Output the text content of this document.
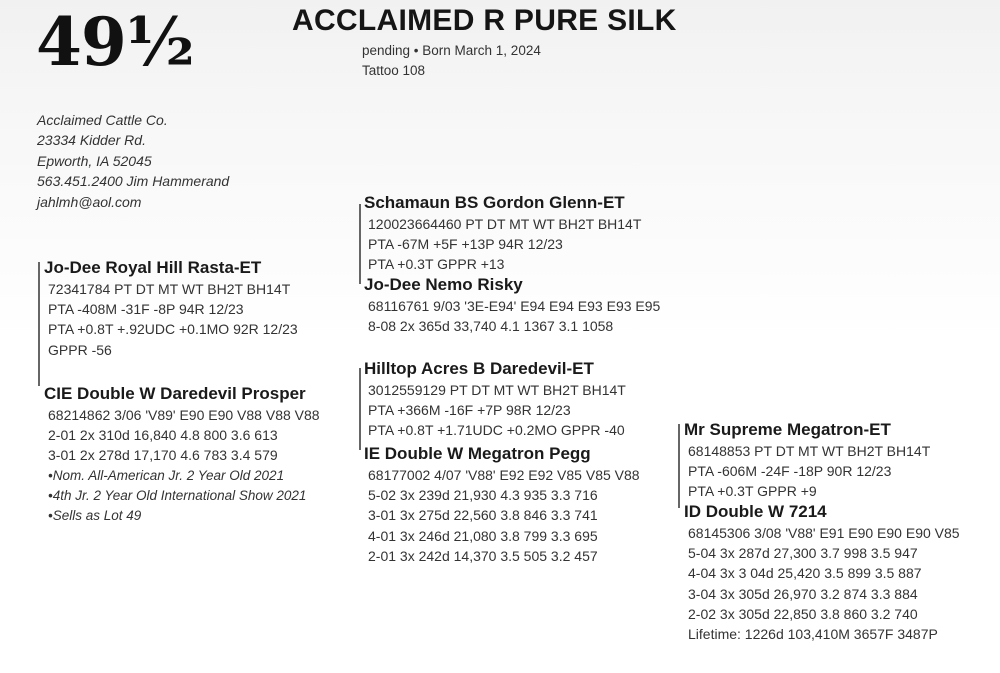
49½	ACCLAIMED R PURE SILK
pending • Born March 1, 2024
Tattoo 108
Acclaimed Cattle Co.
23334 Kidder Rd.
Epworth, IA 52045
563.451.2400 Jim Hammerand
jahlmh@aol.com
Jo-Dee Royal Hill Rasta-ET
72341784 PT DT MT WT BH2T BH14T
PTA -408M -31F -8P 94R 12/23
PTA +0.8T +.92UDC +0.1MO 92R 12/23
GPPR -56
Schamaun BS Gordon Glenn-ET
120023664460 PT DT MT WT BH2T BH14T
PTA -67M +5F +13P 94R 12/23
PTA +0.3T GPPR +13
Jo-Dee Nemo Risky
68116761 9/03 '3E-E94' E94 E94 E93 E93 E95
8-08 2x 365d 33,740 4.1 1367 3.1 1058
CIE Double W Daredevil Prosper
68214862 3/06 'V89' E90 E90 V88 V88 V88
2-01 2x 310d 16,840 4.8 800 3.6 613
3-01 2x 278d 17,170 4.6 783 3.4 579
•Nom. All-American Jr. 2 Year Old 2021
•4th Jr. 2 Year Old International Show 2021
•Sells as Lot 49
Hilltop Acres B Daredevil-ET
3012559129 PT DT MT WT BH2T BH14T
PTA +366M -16F +7P 98R 12/23
PTA +0.8T +1.71UDC +0.2MO GPPR -40
IE Double W Megatron Pegg
68177002 4/07 'V88' E92 E92 V85 V85 V88
5-02 3x 239d 21,930 4.3 935 3.3 716
3-01 3x 275d 22,560 3.8 846 3.3 741
4-01 3x 246d 21,080 3.8 799 3.3 695
2-01 3x 242d 14,370 3.5 505 3.2 457
Mr Supreme Megatron-ET
68148853 PT DT MT WT BH2T BH14T
PTA -606M -24F -18P 90R 12/23
PTA +0.3T GPPR +9
ID Double W 7214
68145306 3/08 'V88' E91 E90 E90 E90 V85
5-04 3x 287d 27,300 3.7 998 3.5 947
4-04 3x 3 04d 25,420 3.5 899 3.5 887
3-04 3x 305d 26,970 3.2 874 3.3 884
2-02 3x 305d 22,850 3.8 860 3.2 740
Lifetime: 1226d 103,410M 3657F 3487P
